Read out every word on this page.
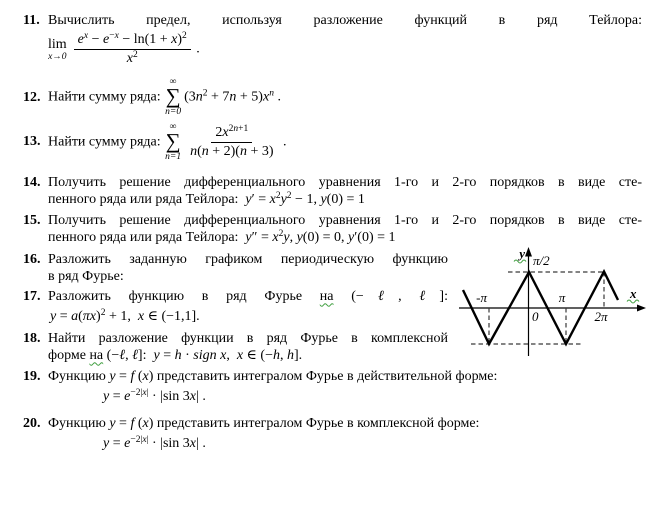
11. Вычислить предел, используя разложение функций в ряд Тейлора:
lim
$x\to 0 \frac{e^x - e^{-x} - \ln(1 + x)^2}{x^2}$ .
12. Найти сумму ряда:
∞
∑
n=0
$(3n^2 + 7n + 5)x^n$ .
13. Найти сумму ряда:
∞
∑
$n=1 \frac{2x^{2n+1}}{n(n + 2)(n + 3)}$ .
14. Получить решение дифференциального уравнения 1-го и 2-го порядков в виде сте-
пенного ряда или ряда Тейлора:  $y' = x^2y^2 - 1$, y(0) = 1
15. Получить решение дифференциального уравнения 1-го и 2-го порядков в виде сте-
пенного ряда или ряда Тейлора:  $y'' = x^2y$, y(0) = 0, y′(0) = 1
y π/2
-π
0
π
2π
x
16. Разложить заданную графиком периодическую функцию
в ряд Фурье:
17. Разложить функцию в ряд Фурье на (−ℓ, ℓ]:
$y = a(\pi x)^2 + 1$,  x ∈ (−1,1].
18. Найти разложение функции в ряд Фурье в комплексной
форме на (−ℓ, ℓ]:  y = h · sign x,  x ∈ (−h, h].
19. Функцию y = f (x) представить интегралом Фурье в действительной форме:
$y = e^{-2|x|} \cdot |\sin$ 3x| .
20. Функцию y = f (x) представить интегралом Фурье в комплексной форме:
$y = e^{-2|x|} \cdot |\sin$ 3x| .
